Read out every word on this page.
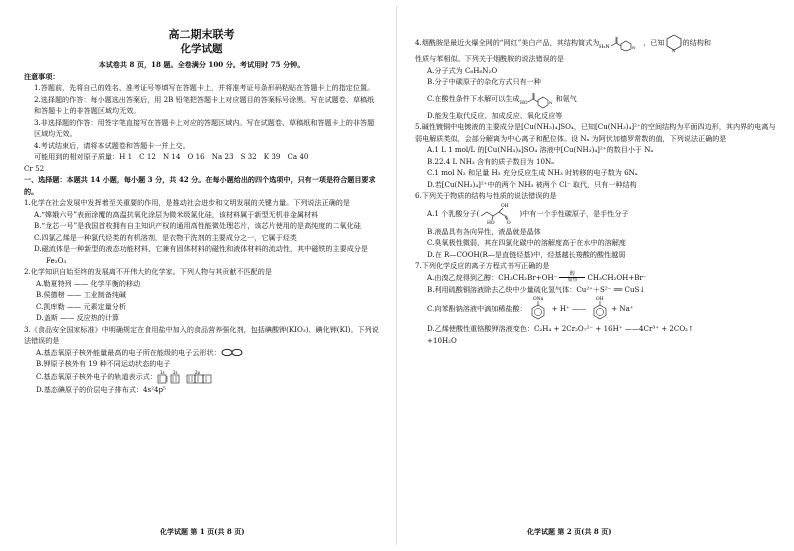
高二期末联考

化学试题

本试卷共 8 页，18 题。全卷满分 100 分。考试用时 75 分钟。

注意事项：

1.答题前，先将自己的姓名、准考证号等填写在答题卡上，并将准考证号条形码粘贴在答题卡上的指定位置。

2.选择题的作答：每小题选出答案后，用 2B 铅笔把答题卡上对应题目的答案标号涂黑。写在试题卷、草稿纸和答题卡上的非答题区域均无效。

3.非选择题的作答：用签字笔直接写在答题卡上对应的答题区域内。写在试题卷、草稿纸和答题卡上的非答题区域均无效。

4.考试结束后，请将本试题卷和答题卡一并上交。

可能用到的相对原子质量：H 1　C 12　N 14　O 16　Na 23　S 32　K 39　Ca 40

Cr 52

一、选择题：本题共 14 小题，每小题 3 分，共 42 分。在每小题给出的四个选项中，只有一项是符合题目要求的。

1.化学在社会发展中发挥着至关重要的作用，是推动社会进步和文明发展的关键力量。下列说法正确的是

A.“嫦娥六号”表面涂覆的高温抗氧化涂层为微米级氮化硅，该材料属于新型无机非金属材料

B.“龙芯一号”是我国首枚拥有自主知识产权的通用高性能微处理芯片，该芯片使用的是高纯度的二氧化硅

C.四氯乙烯是一种氯代烃类的有机溶剂，是衣物干洗剂的主要成分之一，它属于烃类

D.磁流体是一种新型的液态功能材料，它兼有固体材料的磁性和液体材料的流动性，其中磁铁的主要成分是 Fe₂O₃

2.化学知识自始至终的发展离不开伟大的化学家。下列人物与其贡献不匹配的是

A.勒夏特列 —— 化学平衡的移动

B.侯德榜 —— 工业制备纯碱

C.凯库勒 —— 元素定量分析

D.盖斯 —— 反应热的计算

3.《食品安全国家标准》中明确规定在食用盐中加入的食品营养强化剂，包括碘酸钾(KIO₃)、碘化钾(KI)。下列说法错误的是

A.基态氧原子核外能量最高的电子所在能级的电子云形状：

B.钾原子核外有 19 种不同运动状态的电子

C.基态氧原子核外电子的轨道表示式： 1s 2s	2p

D.基态碘原子的价层电子排布式：4s²4p⁵

化学试题 第 1 页(共 8 页)
4.烟酰胺是最近火爆全网的“网红”美白产品，其结构简式为 H₂N	N
，已知
N
的结构和

性质与苯相似。下列关于烟酰胺的说法错误的是

A.分子式为 C₆H₆N₂O

B.分子中碳原子的杂化方式只有一种

C.在酸性条件下水解可以生成
HO	N 和氨气

D.能发生取代反应、加成反应、氧化反应等

5.碱性镀铜中电镀液的主要成分是[Cu(NH₃)₄]SO₄，已知[Cu(NH₃)₄]²⁺的空间结构为平面四边形，其内界的电离与弱电解质类似，会部分解离为中心离子和配位体。设 Nₐ 为阿伏加德罗常数的值，下列说法正确的是

A.1 L 1 mol/L 的[Cu(NH₃)₄]SO₄ 溶液中[Cu(NH₃)₄]²⁺的数目小于 Nₐ

B.22.4 L NH₃ 含有的质子数目为 10Nₐ

C.1 mol N₂ 和足量 H₂ 充分反应生成 NH₃ 时转移的电子数为 6Nₐ

D.若[Cu(NH₃)₄]²⁺中的两个 NH₃ 被两个 Cl⁻ 取代，只有一种结构

6.下列关于物质的结构与性质的说法错误的是

A.1 个乳酸分子(
OH
HO	O
)中有一个手性碳原子，是手性分子

B.液晶具有各向异性，液晶就是晶体

C.臭氧极性微弱，其在四氯化碳中的溶解度高于在水中的溶解度

D.在 R—COOH(R—是直链烃基)中，烃基越长羧酸的酸性越弱

7.下列化学反应的离子方程式书写正确的是

A.由溴乙烷得到乙醇：CH₃CH₂Br+OH⁻ 醇
加热 CH₃CH₂OH+Br⁻

B.利用硫酸铜溶液除去乙炔中少量硫化氢气体：Cu²⁺＋S²⁻ ══ CuS↓

C.向苯酚钠溶液中滴加稀盐酸：
ONa
+ H⁺ ——
OH
+ Na⁺

D.乙烯使酸性重铬酸钾溶液变色：C₂H₄ + 2Cr₂O₇²⁻ + 16H⁺ ——4Cr³⁺ + 2CO₂↑

+10H₂O

化学试题 第 2 页(共 8 页)
